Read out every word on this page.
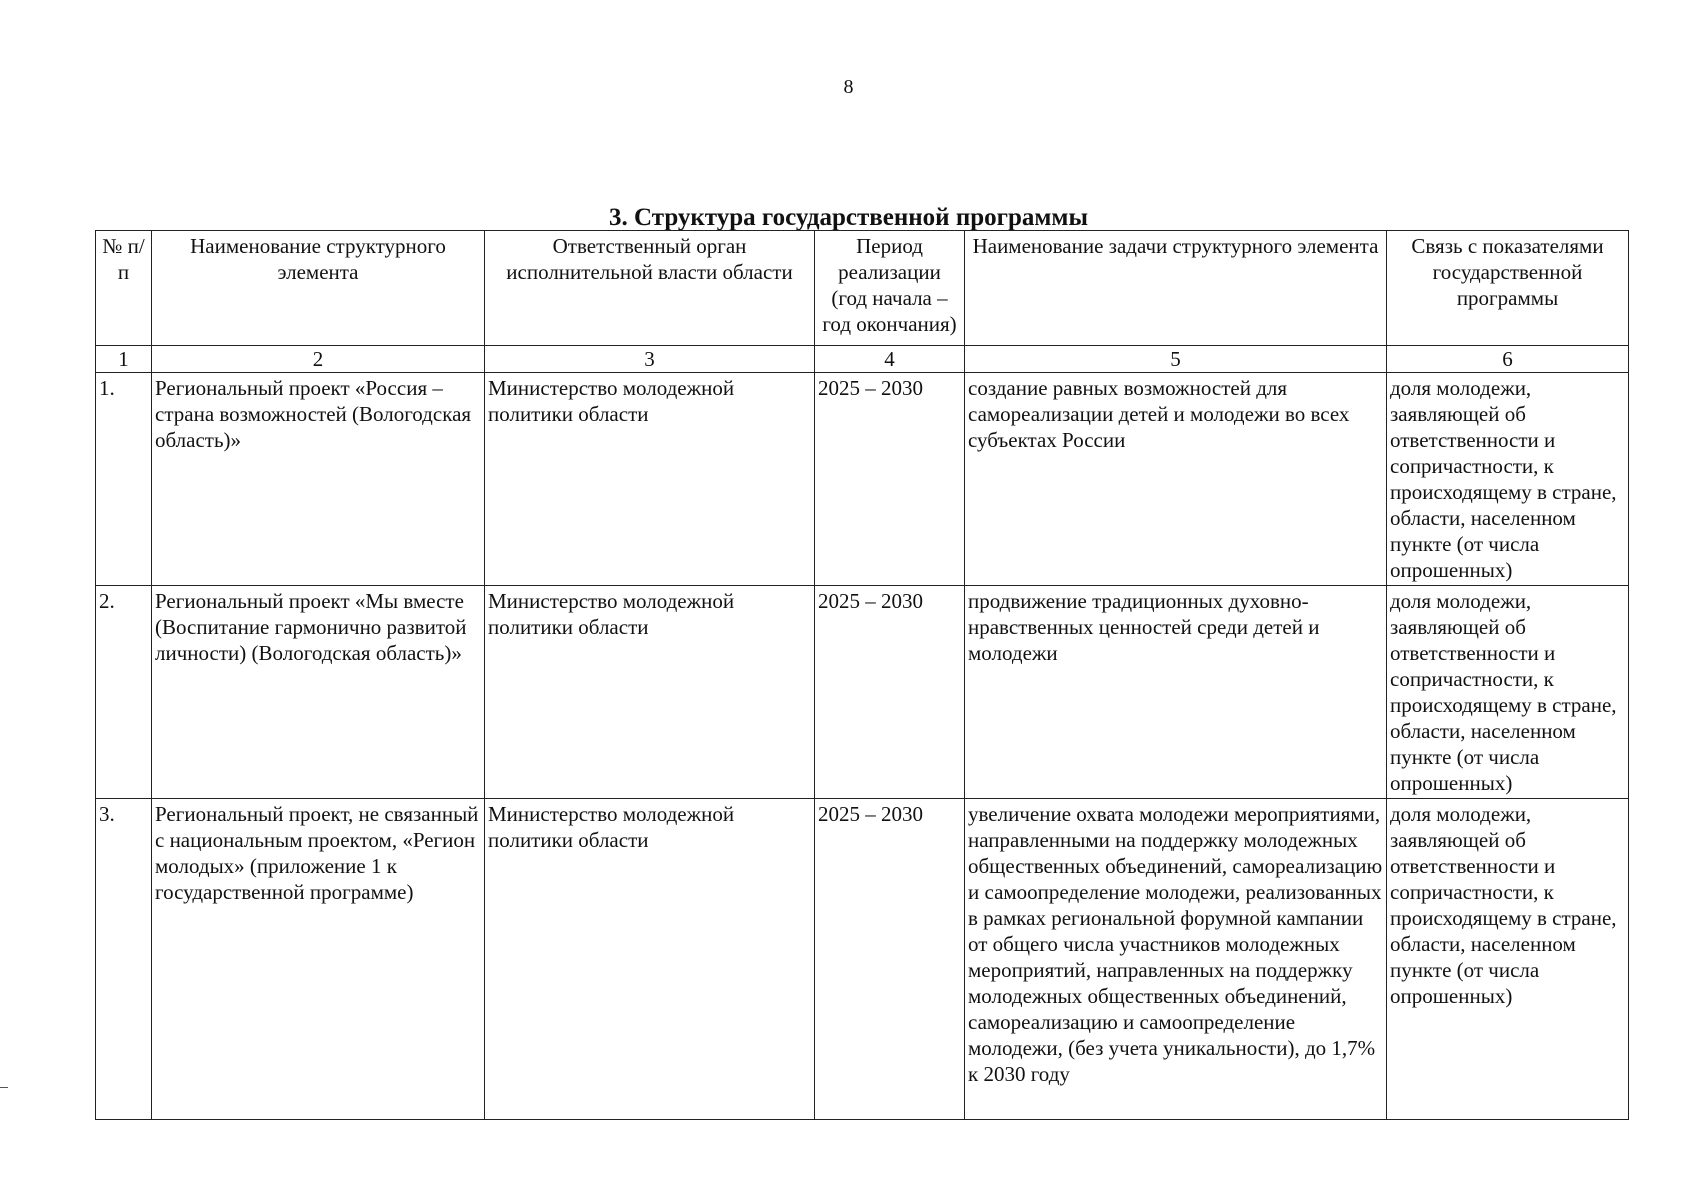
8
3. Структура государственной программы
№ п/п	Наименование структурного элемента	Ответственный орган исполнительной власти области	Период реализации (год начала – год окончания)	Наименование задачи структурного элемента	Связь с показателями государственной программы
1	2	3	4	5	6
1.	Региональный проект «Россия – страна возможностей (Вологодская область)»	Министерство молодежной политики области	2025 – 2030	создание равных возможностей для самореализации детей и молодежи во всех субъектах России	доля молодежи, заявляющей об ответственности и сопричастности, к происходящему в стране, области, населенном пункте (от числа опрошенных)
2.	Региональный проект «Мы вместе (Воспитание гармонично развитой личности) (Вологодская область)»	Министерство молодежной политики области	2025 – 2030	продвижение традиционных духовно-нравственных ценностей среди детей и молодежи	доля молодежи, заявляющей об ответственности и сопричастности, к происходящему в стране, области, населенном пункте (от числа опрошенных)
3.	Региональный проект, не связанный с национальным проектом, «Регион молодых» (приложение 1 к государственной программе)	Министерство молодежной политики области	2025 – 2030	увеличение охвата молодежи мероприятиями, направленными на поддержку молодежных общественных объединений, самореализацию и самоопределение молодежи, реализованных в рамках региональной форумной кампании от общего числа участников молодежных мероприятий, направленных на поддержку молодежных общественных объединений, самореализацию и самоопределение молодежи, (без учета уникальности), до 1,7% к 2030 году	доля молодежи, заявляющей об ответственности и сопричастности, к происходящему в стране, области, населенном пункте (от числа опрошенных)
